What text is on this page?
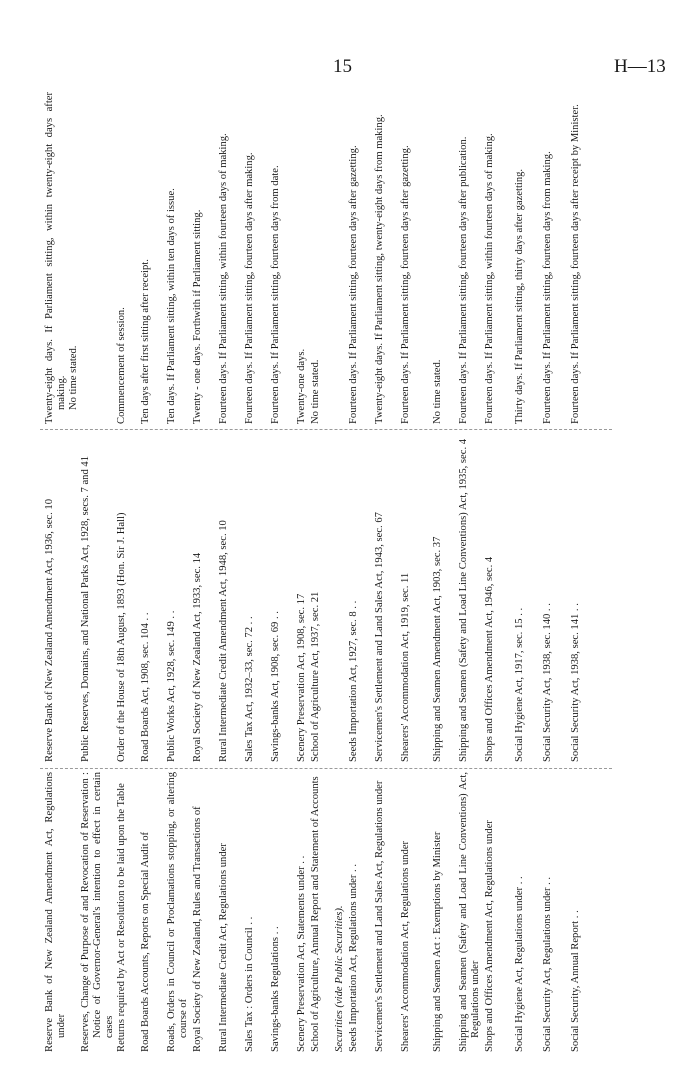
15	H—13
Reserve Bank of New Zealand Amendment Act, Regulations under
Reserve Bank of New Zealand Amendment Act, 1936, sec. 10
Twenty-eight days. If Parliament sitting, within twenty-eight days after making.
No time stated.
Reserves, Change of Purpose of and Revocation of Reservation : Notice of Governor-General's intention to effect in certain cases
Public Reserves, Domains, and National Parks Act, 1928, secs. 7 and 41
Returns required by Act or Resolution to be laid upon the Table
Order of the House of 18th August, 1893 (Hon. Sir J. Hall)
Commencement of session.
Road Boards Accounts, Reports on Special Audit of
Road Boards Act, 1908, sec. 104 . .
Ten days after first sitting after receipt.
Roads, Orders in Council or Proclamations stopping, or altering course of
Public Works Act, 1928, sec. 149 . .
Ten days. If Parliament sitting, within ten days of issue.
Royal Society of New Zealand, Rules and Transactions of
Royal Society of New Zealand Act, 1933, sec. 14
Twenty - one days. Forthwith if Parliament sitting.
Rural Intermediate Credit Act, Regulations under
Rural Intermediate Credit Amendment Act, 1948, sec. 10
Fourteen days. If Parliament sitting, within fourteen days of making.
Sales Tax : Orders in Council . .
Sales Tax Act, 1932–33, sec. 72 . .
Fourteen days. If Parliament sitting, fourteen days after making.
Savings-banks Regulations . .
Savings-banks Act, 1908, sec. 69 . .
Fourteen days. If Parliament sitting, fourteen days from date.
Scenery Preservation Act, Statements under . .
Scenery Preservation Act, 1908, sec. 17
Twenty-one days.
School of Agriculture, Annual Report and Statement of Accounts
School of Agriculture Act, 1937, sec. 21
No time stated.
Securities (vide Public Securities). Seeds Importation Act, Regulations under . .
Seeds Importation Act, 1927, sec. 8 . .
Fourteen days. If Parliament sitting, fourteen days after gazetting.
Servicemen's Settlement and Land Sales Act, Regulations under
Servicemen's Settlement and Land Sales Act, 1943, sec. 67
Twenty-eight days. If Parliament sitting, twenty-eight days from making.
Shearers' Accommodation Act, Regulations under
Shearers' Accommodation Act, 1919, sec. 11
Fourteen days. If Parliament sitting, fourteen days after gazetting.
Shipping and Seamen Act : Exemptions by Minister
Shipping and Seamen Amendment Act, 1903, sec. 37
No time stated.
Shipping and Seamen (Safety and Load Line Conventions) Act, Regulations under
Shipping and Seamen (Safety and Load Line Conventions) Act, 1935, sec. 4
Fourteen days. If Parliament sitting, fourteen days after publication.
Shops and Offices Amendment Act, Regulations under
Shops and Offices Amendment Act, 1946, sec. 4
Fourteen days. If Parliament sitting, within fourteen days of making.
Social Hygiene Act, Regulations under . .
Social Hygiene Act, 1917, sec. 15 . .
Thirty days. If Parliament sitting, thirty days after gazetting.
Social Security Act, Regulations under . .
Social Security Act, 1938, sec. 140 . .
Fourteen days. If Parliament sitting, fourteen days from making.
Social Security, Annual Report . .
Social Security Act, 1938, sec. 141 . .
Fourteen days. If Parliament sitting, fourteen days after receipt by Minister.
